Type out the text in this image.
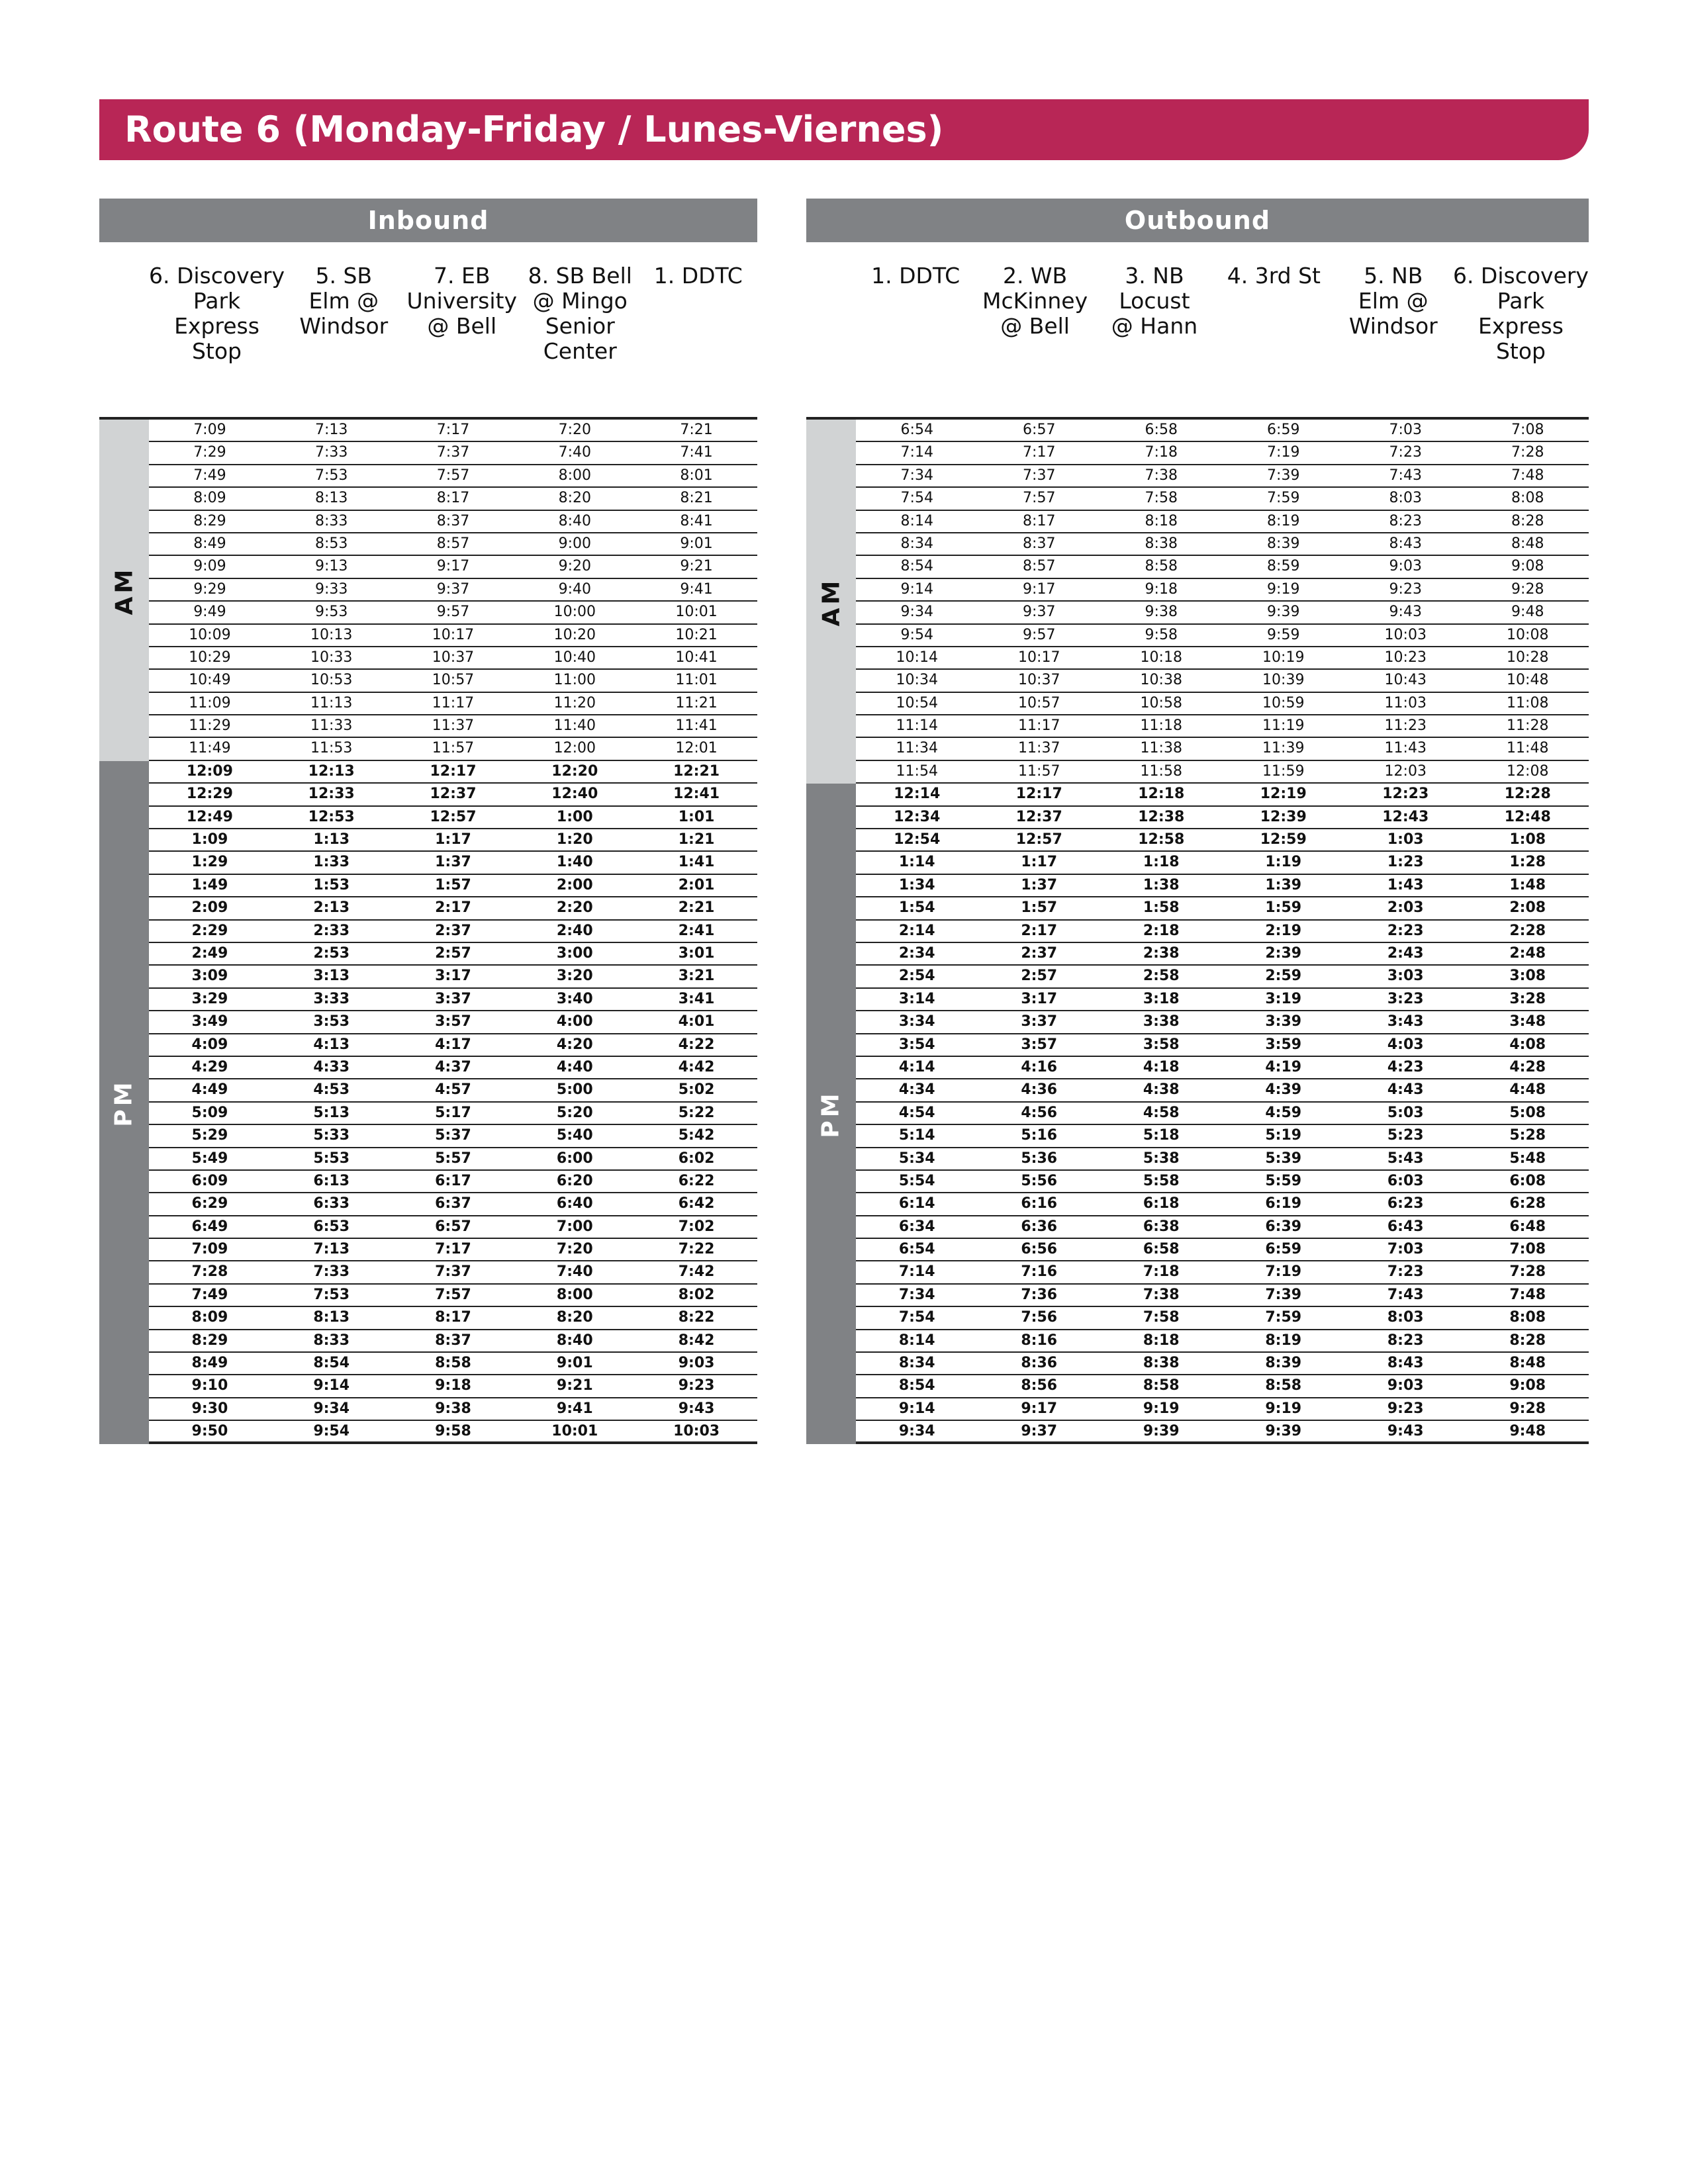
Route 6 (Monday-Friday / Lunes-Viernes)
Inbound
6. Discovery
Park
Express
Stop
5. SB
Elm @
Windsor
7. EB
University
@ Bell
8. SB Bell
@ Mingo
Senior
Center
1. DDTC
AM
PM
7:09	7:13	7:17	7:20	7:21
7:29	7:33	7:37	7:40	7:41
7:49	7:53	7:57	8:00	8:01
8:09	8:13	8:17	8:20	8:21
8:29	8:33	8:37	8:40	8:41
8:49	8:53	8:57	9:00	9:01
9:09	9:13	9:17	9:20	9:21
9:29	9:33	9:37	9:40	9:41
9:49	9:53	9:57	10:00	10:01
10:09	10:13	10:17	10:20	10:21
10:29	10:33	10:37	10:40	10:41
10:49	10:53	10:57	11:00	11:01
11:09	11:13	11:17	11:20	11:21
11:29	11:33	11:37	11:40	11:41
11:49	11:53	11:57	12:00	12:01
12:09	12:13	12:17	12:20	12:21
12:29	12:33	12:37	12:40	12:41
12:49	12:53	12:57	1:00	1:01
1:09	1:13	1:17	1:20	1:21
1:29	1:33	1:37	1:40	1:41
1:49	1:53	1:57	2:00	2:01
2:09	2:13	2:17	2:20	2:21
2:29	2:33	2:37	2:40	2:41
2:49	2:53	2:57	3:00	3:01
3:09	3:13	3:17	3:20	3:21
3:29	3:33	3:37	3:40	3:41
3:49	3:53	3:57	4:00	4:01
4:09	4:13	4:17	4:20	4:22
4:29	4:33	4:37	4:40	4:42
4:49	4:53	4:57	5:00	5:02
5:09	5:13	5:17	5:20	5:22
5:29	5:33	5:37	5:40	5:42
5:49	5:53	5:57	6:00	6:02
6:09	6:13	6:17	6:20	6:22
6:29	6:33	6:37	6:40	6:42
6:49	6:53	6:57	7:00	7:02
7:09	7:13	7:17	7:20	7:22
7:28	7:33	7:37	7:40	7:42
7:49	7:53	7:57	8:00	8:02
8:09	8:13	8:17	8:20	8:22
8:29	8:33	8:37	8:40	8:42
8:49	8:54	8:58	9:01	9:03
9:10	9:14	9:18	9:21	9:23
9:30	9:34	9:38	9:41	9:43
9:50	9:54	9:58	10:01	10:03
Outbound
1. DDTC	2. WB
McKinney
@ Bell
3. NB
Locust
@ Hann
4. 3rd St	5. NB
Elm @
Windsor
6. Discovery
Park
Express
Stop
AM
PM
6:54	6:57	6:58	6:59	7:03	7:08
7:14	7:17	7:18	7:19	7:23	7:28
7:34	7:37	7:38	7:39	7:43	7:48
7:54	7:57	7:58	7:59	8:03	8:08
8:14	8:17	8:18	8:19	8:23	8:28
8:34	8:37	8:38	8:39	8:43	8:48
8:54	8:57	8:58	8:59	9:03	9:08
9:14	9:17	9:18	9:19	9:23	9:28
9:34	9:37	9:38	9:39	9:43	9:48
9:54	9:57	9:58	9:59	10:03	10:08
10:14	10:17	10:18	10:19	10:23	10:28
10:34	10:37	10:38	10:39	10:43	10:48
10:54	10:57	10:58	10:59	11:03	11:08
11:14	11:17	11:18	11:19	11:23	11:28
11:34	11:37	11:38	11:39	11:43	11:48
11:54	11:57	11:58	11:59	12:03	12:08
12:14	12:17	12:18	12:19	12:23	12:28
12:34	12:37	12:38	12:39	12:43	12:48
12:54	12:57	12:58	12:59	1:03	1:08
1:14	1:17	1:18	1:19	1:23	1:28
1:34	1:37	1:38	1:39	1:43	1:48
1:54	1:57	1:58	1:59	2:03	2:08
2:14	2:17	2:18	2:19	2:23	2:28
2:34	2:37	2:38	2:39	2:43	2:48
2:54	2:57	2:58	2:59	3:03	3:08
3:14	3:17	3:18	3:19	3:23	3:28
3:34	3:37	3:38	3:39	3:43	3:48
3:54	3:57	3:58	3:59	4:03	4:08
4:14	4:16	4:18	4:19	4:23	4:28
4:34	4:36	4:38	4:39	4:43	4:48
4:54	4:56	4:58	4:59	5:03	5:08
5:14	5:16	5:18	5:19	5:23	5:28
5:34	5:36	5:38	5:39	5:43	5:48
5:54	5:56	5:58	5:59	6:03	6:08
6:14	6:16	6:18	6:19	6:23	6:28
6:34	6:36	6:38	6:39	6:43	6:48
6:54	6:56	6:58	6:59	7:03	7:08
7:14	7:16	7:18	7:19	7:23	7:28
7:34	7:36	7:38	7:39	7:43	7:48
7:54	7:56	7:58	7:59	8:03	8:08
8:14	8:16	8:18	8:19	8:23	8:28
8:34	8:36	8:38	8:39	8:43	8:48
8:54	8:56	8:58	8:58	9:03	9:08
9:14	9:17	9:19	9:19	9:23	9:28
9:34	9:37	9:39	9:39	9:43	9:48
